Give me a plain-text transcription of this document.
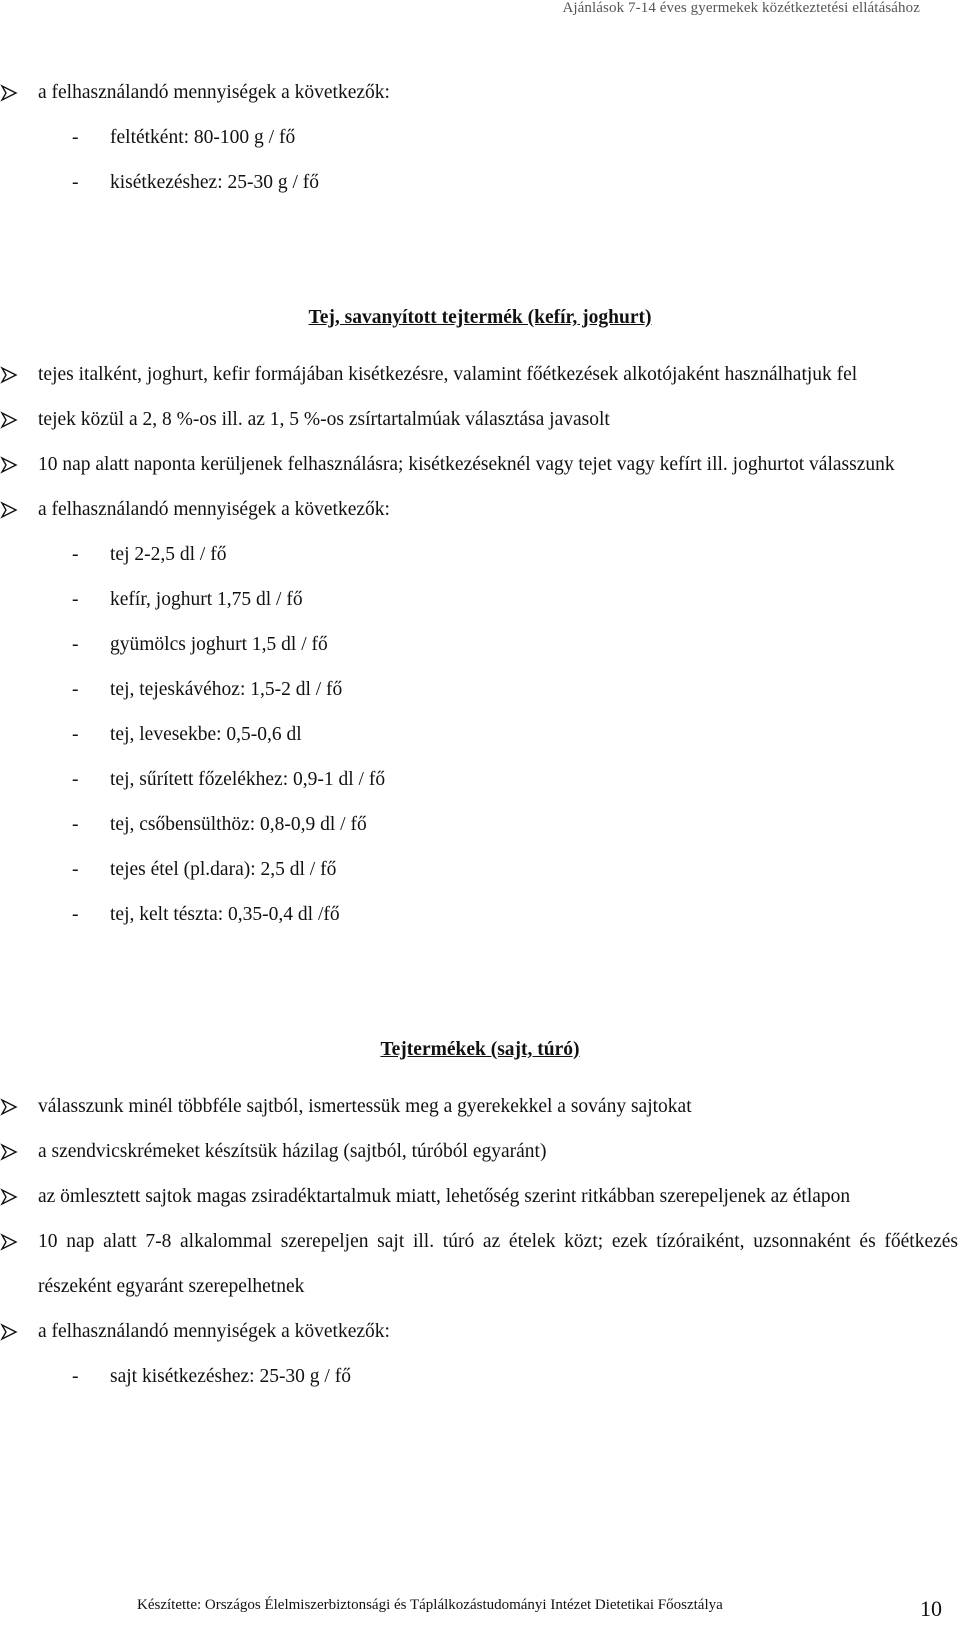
Ajánlások 7-14 éves gyermekek közétkeztetési ellátásához
a felhasználandó mennyiségek a következők:
- feltétként: 80-100 g / fő
- kisétkezéshez: 25-30 g / fő
Tej, savanyított tejtermék (kefír, joghurt)
tejes italként, joghurt, kefir formájában kisétkezésre, valamint főétkezések alkotójaként használhatjuk fel
tejek közül a 2, 8 %-os ill. az 1, 5 %-os zsírtartalmúak választása javasolt
10 nap alatt naponta kerüljenek felhasználásra; kisétkezéseknél vagy tejet vagy kefírt ill. joghurtot válasszunk
a felhasználandó mennyiségek a következők:
- tej 2-2,5 dl / fő
- kefír, joghurt 1,75 dl / fő
- gyümölcs joghurt 1,5 dl / fő
- tej, tejeskávéhoz: 1,5-2 dl / fő
- tej, levesekbe: 0,5-0,6 dl
- tej, sűrített főzelékhez: 0,9-1 dl / fő
- tej, csőbensülthöz: 0,8-0,9 dl / fő
- tejes étel (pl.dara): 2,5 dl / fő
- tej, kelt tészta: 0,35-0,4 dl /fő
Tejtermékek (sajt, túró)
válasszunk minél többféle sajtból, ismertessük meg a gyerekekkel a sovány sajtokat
a szendvicskrémeket készítsük házilag (sajtból, túróból egyaránt)
az ömlesztett sajtok magas zsiradéktartalmuk miatt, lehetőség szerint ritkábban szerepeljenek az étlapon
10 nap alatt 7-8 alkalommal szerepeljen sajt ill. túró az ételek közt; ezek tízóraiként, uzsonnaként és főétkezés részeként egyaránt szerepelhetnek
a felhasználandó mennyiségek a következők:
- sajt kisétkezéshez: 25-30 g / fő
Készítette: Országos Élelmiszerbiztonsági és Táplálkozástudományi Intézet Dietetikai Főosztálya	10
